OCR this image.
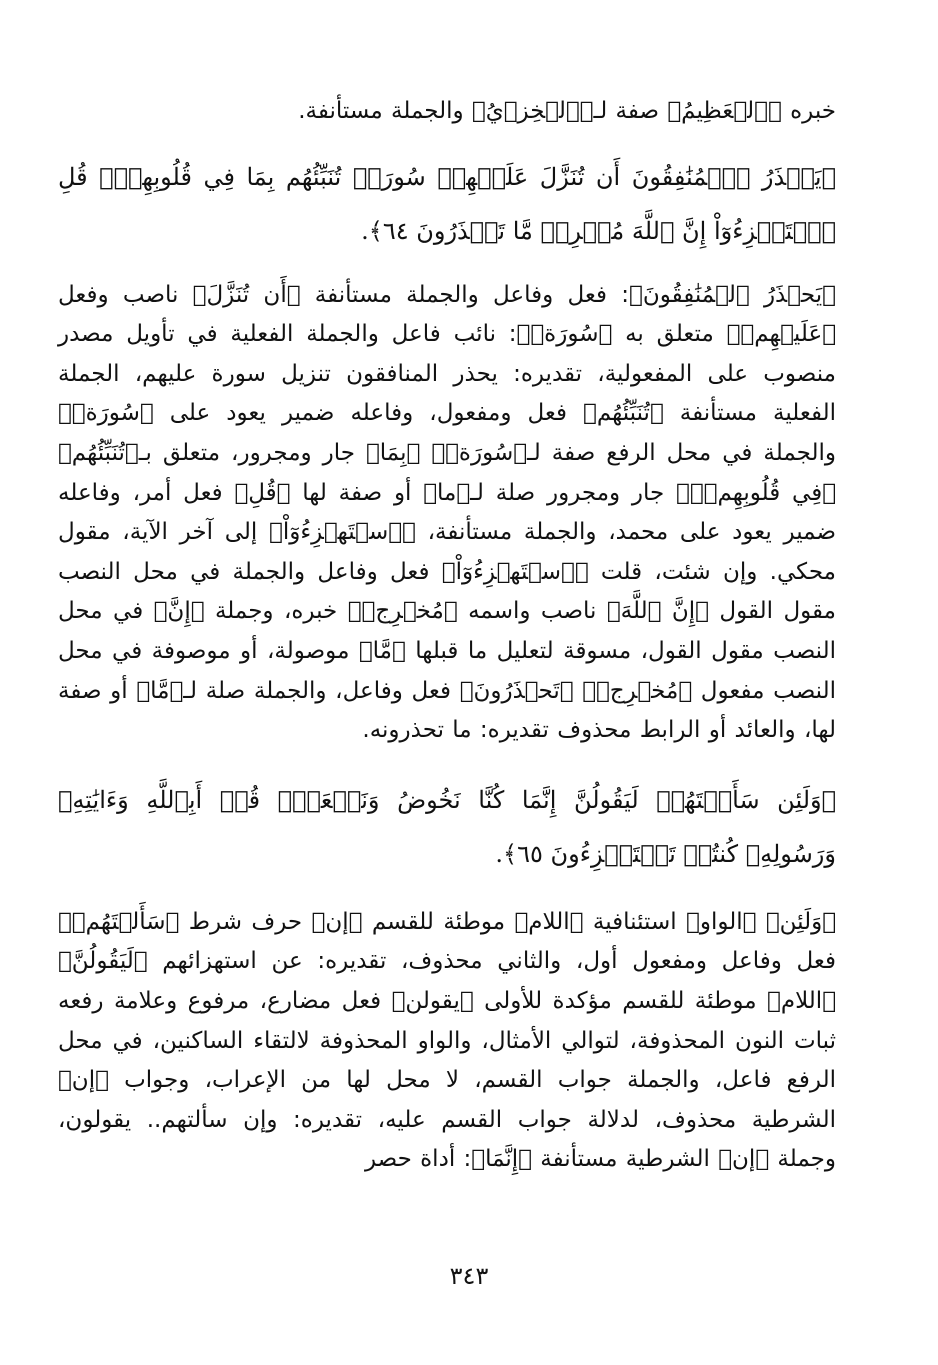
خبره ﴿ٱلۡعَظِيمُ﴾ صفة لـ﴿ٱلۡخِزۡيُ﴾ والجملة مستأنفة.

﴿يَحۡذَرُ ٱلۡمُنَٰفِقُونَ أَن تُنَزَّلَ عَلَيۡهِمۡ سُورَةٞ تُنَبِّئُهُم بِمَا فِي قُلُوبِهِمۡۚ قُلِ ٱسۡتَهۡزِءُوٓاْ إِنَّ ٱللَّهَ مُخۡرِجٞ مَّا تَحۡذَرُونَ ٦٤﴾.

﴿يَحۡذَرُ ٱلۡمُنَٰفِقُونَ﴾: فعل وفاعل والجملة مستأنفة ﴿أَن تُنَزَّلَ﴾ ناصب وفعل ﴿عَلَيۡهِمۡ﴾ متعلق به ﴿سُورَةٞ﴾: نائب فاعل والجملة الفعلية في تأويل مصدر منصوب على المفعولية، تقديره: يحذر المنافقون تنزيل سورة عليهم، الجملة الفعلية مستأنفة ﴿تُنَبِّئُهُم﴾ فعل ومفعول، وفاعله ضمير يعود على ﴿سُورَةٞ﴾ والجملة في محل الرفع صفة لـ﴿سُورَةٞ﴾ ﴿بِمَا﴾ جار ومجرور، متعلق بـ﴿تُنَبِّئُهُم﴾ ﴿فِي قُلُوبِهِمۡۚ﴾ جار ومجرور صلة لـ﴿ما﴾ أو صفة لها ﴿قُلِ﴾ فعل أمر، وفاعله ضمير يعود على محمد، والجملة مستأنفة، ﴿ٱسۡتَهۡزِءُوٓاْ﴾ إلى آخر الآية، مقول محكي. وإن شئت، قلت ﴿ٱسۡتَهۡزِءُوٓاْ﴾ فعل وفاعل والجملة في محل النصب مقول القول ﴿إِنَّ ٱللَّهَ﴾ ناصب واسمه ﴿مُخۡرِجٞ﴾ خبره، وجملة ﴿إِنَّ﴾ في محل النصب مقول القول، مسوقة لتعليل ما قبلها ﴿مَّا﴾ موصولة، أو موصوفة في محل النصب مفعول ﴿مُخۡرِجٞ﴾ ﴿تَحۡذَرُونَ﴾ فعل وفاعل، والجملة صلة لـ﴿مَّا﴾ أو صفة لها، والعائد أو الرابط محذوف تقديره: ما تحذرونه.

﴿وَلَئِن سَأَلۡتَهُمۡ لَيَقُولُنَّ إِنَّمَا كُنَّا نَخُوضُ وَنَلۡعَبُۚ قُلۡ أَبِٱللَّهِ وَءَايَٰتِهِۦ وَرَسُولِهِۦ كُنتُمۡ تَسۡتَهۡزِءُونَ ٦٥﴾.

﴿وَلَئِن﴾ ﴿الواو﴾ استئنافية ﴿اللام﴾ موطئة للقسم ﴿إن﴾ حرف شرط ﴿سَأَلۡتَهُمۡ﴾ فعل وفاعل ومفعول أول، والثاني محذوف، تقديره: عن استهزائهم ﴿لَيَقُولُنَّ﴾ ﴿اللام﴾ موطئة للقسم مؤكدة للأولى ﴿يقولن﴾ فعل مضارع، مرفوع وعلامة رفعه ثبات النون المحذوفة، لتوالي الأمثال، والواو المحذوفة لالتقاء الساكنين، في محل الرفع فاعل، والجملة جواب القسم، لا محل لها من الإعراب، وجواب ﴿إن﴾ الشرطية محذوف، لدلالة جواب القسم عليه، تقديره: وإن سألتهم.. يقولون، وجملة ﴿إن﴾ الشرطية مستأنفة ﴿إِنَّمَا﴾: أداة حصر

٣٤٣
